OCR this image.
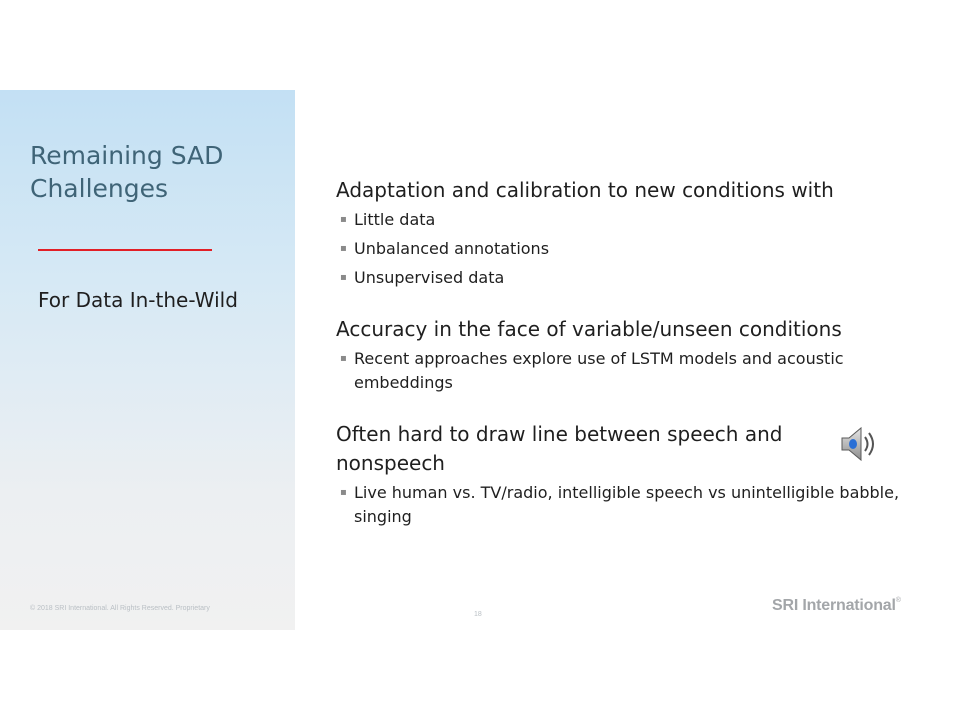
Remaining SAD Challenges
For Data In-the-Wild
Adaptation and calibration to new conditions with
▪ Little data
▪ Unbalanced annotations
▪ Unsupervised data
Accuracy in the face of variable/unseen conditions
▪ Recent approaches explore use of LSTM models and acoustic embeddings
Often hard to draw line between speech and nonspeech
▪ Live human vs. TV/radio, intelligible speech vs unintelligible babble, singing
© 2018 SRI International. All Rights Reserved. Proprietary
18
SRI International®
